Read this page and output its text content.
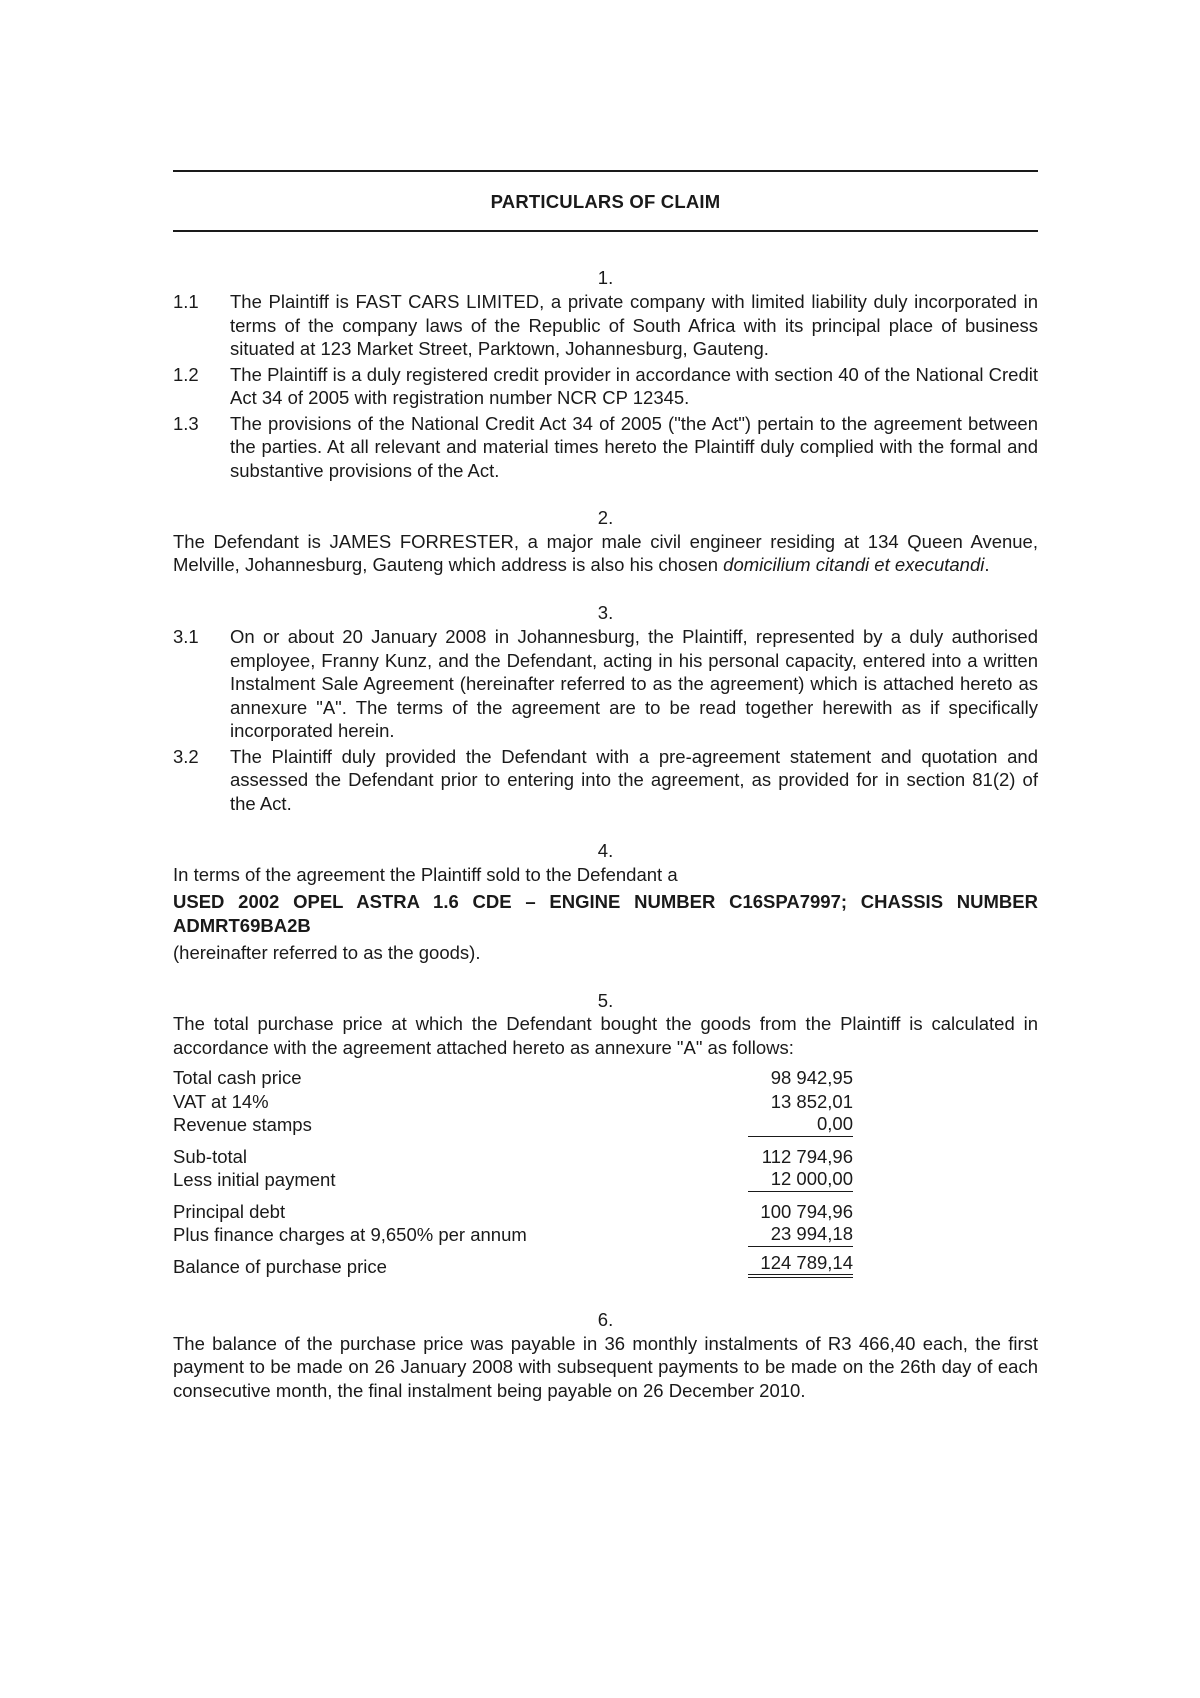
PARTICULARS OF CLAIM
1.
1.1	The Plaintiff is FAST CARS LIMITED, a private company with limited liability duly incorporated in terms of the company laws of the Republic of South Africa with its principal place of business situated at 123 Market Street, Parktown, Johannesburg, Gauteng.
1.2	The Plaintiff is a duly registered credit provider in accordance with section 40 of the National Credit Act 34 of 2005 with registration number NCR CP 12345.
1.3	The provisions of the National Credit Act 34 of 2005 ("the Act") pertain to the agreement between the parties. At all relevant and material times hereto the Plaintiff duly complied with the formal and substantive provisions of the Act.
2.
The Defendant is JAMES FORRESTER, a major male civil engineer residing at 134 Queen Avenue, Melville, Johannesburg, Gauteng which address is also his chosen domicilium citandi et executandi.
3.
3.1	On or about 20 January 2008 in Johannesburg, the Plaintiff, represented by a duly authorised employee, Franny Kunz, and the Defendant, acting in his personal capacity, entered into a written Instalment Sale Agreement (hereinafter referred to as the agreement) which is attached hereto as annexure "A". The terms of the agreement are to be read together herewith as if specifically incorporated herein.
3.2	The Plaintiff duly provided the Defendant with a pre-agreement statement and quotation and assessed the Defendant prior to entering into the agreement, as provided for in section 81(2) of the Act.
4.
In terms of the agreement the Plaintiff sold to the Defendant a
USED 2002 OPEL ASTRA 1.6 CDE – ENGINE NUMBER C16SPA7997; CHASSIS NUMBER ADMRT69BA2B
(hereinafter referred to as the goods).
5.
The total purchase price at which the Defendant bought the goods from the Plaintiff is calculated in accordance with the agreement attached hereto as annexure "A" as follows:
Total cash price	98 942,95
VAT at 14%	13 852,01
Revenue stamps	0,00
Sub-total	112 794,96
Less initial payment	12 000,00
Principal debt	100 794,96
Plus finance charges at 9,650% per annum	23 994,18
Balance of purchase price	124 789,14
6.
The balance of the purchase price was payable in 36 monthly instalments of R3 466,40 each, the first payment to be made on 26 January 2008 with subsequent payments to be made on the 26th day of each consecutive month, the final instalment being payable on 26 December 2010.
